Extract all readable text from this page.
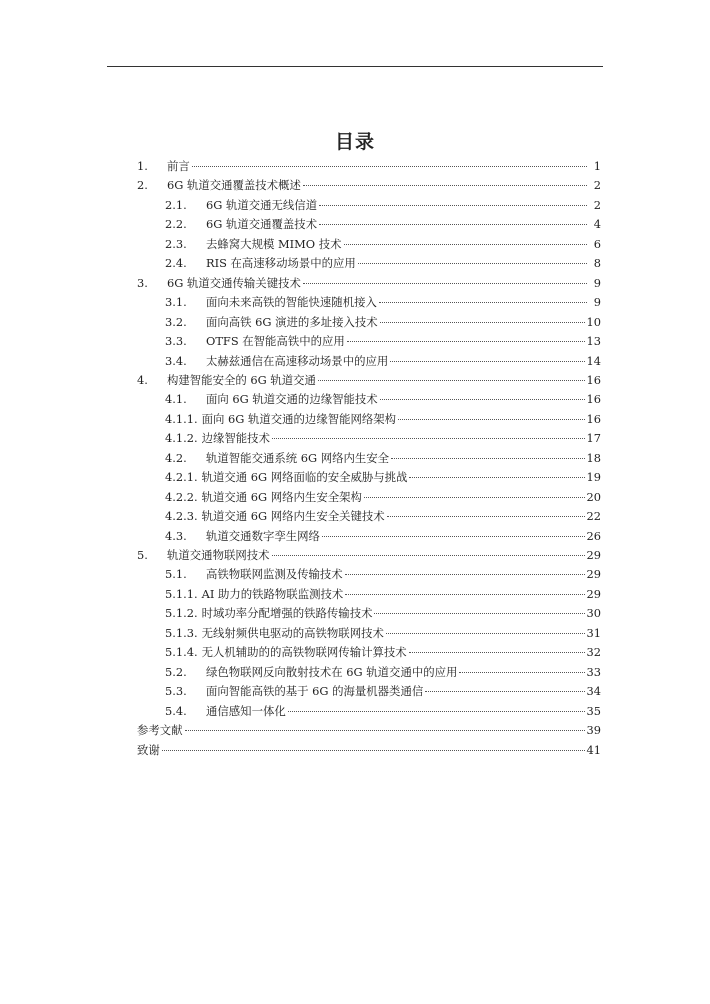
目录
1.	前言	1
2.	6G 轨道交通覆盖技术概述	2
2.1.	6G 轨道交通无线信道	2
2.2.	6G 轨道交通覆盖技术	4
2.3.	去蜂窝大规模 MIMO 技术	6
2.4.	RIS 在高速移动场景中的应用	8
3.	6G 轨道交通传输关键技术	9
3.1.	面向未来高铁的智能快速随机接入	9
3.2.	面向高铁 6G 演进的多址接入技术	10
3.3.	OTFS 在智能高铁中的应用	13
3.4.	太赫兹通信在高速移动场景中的应用	14
4.	构建智能安全的 6G 轨道交通	16
4.1.	面向 6G 轨道交通的边缘智能技术	16
4.1.1. 面向 6G 轨道交通的边缘智能网络架构	16
4.1.2. 边缘智能技术	17
4.2.	轨道智能交通系统 6G 网络内生安全	18
4.2.1. 轨道交通 6G 网络面临的安全威胁与挑战	19
4.2.2. 轨道交通 6G 网络内生安全架构	20
4.2.3. 轨道交通 6G 网络内生安全关键技术	22
4.3.	轨道交通数字孪生网络	26
5.	轨道交通物联网技术	29
5.1.	高铁物联网监测及传输技术	29
5.1.1. AI 助力的铁路物联监测技术	29
5.1.2. 时域功率分配增强的铁路传输技术	30
5.1.3. 无线射频供电驱动的高铁物联网技术	31
5.1.4. 无人机辅助的的高铁物联网传输计算技术	32
5.2.	绿色物联网反向散射技术在 6G 轨道交通中的应用	33
5.3.	面向智能高铁的基于 6G 的海量机器类通信	34
5.4.	通信感知一体化	35
参考文献	39
致谢	41
